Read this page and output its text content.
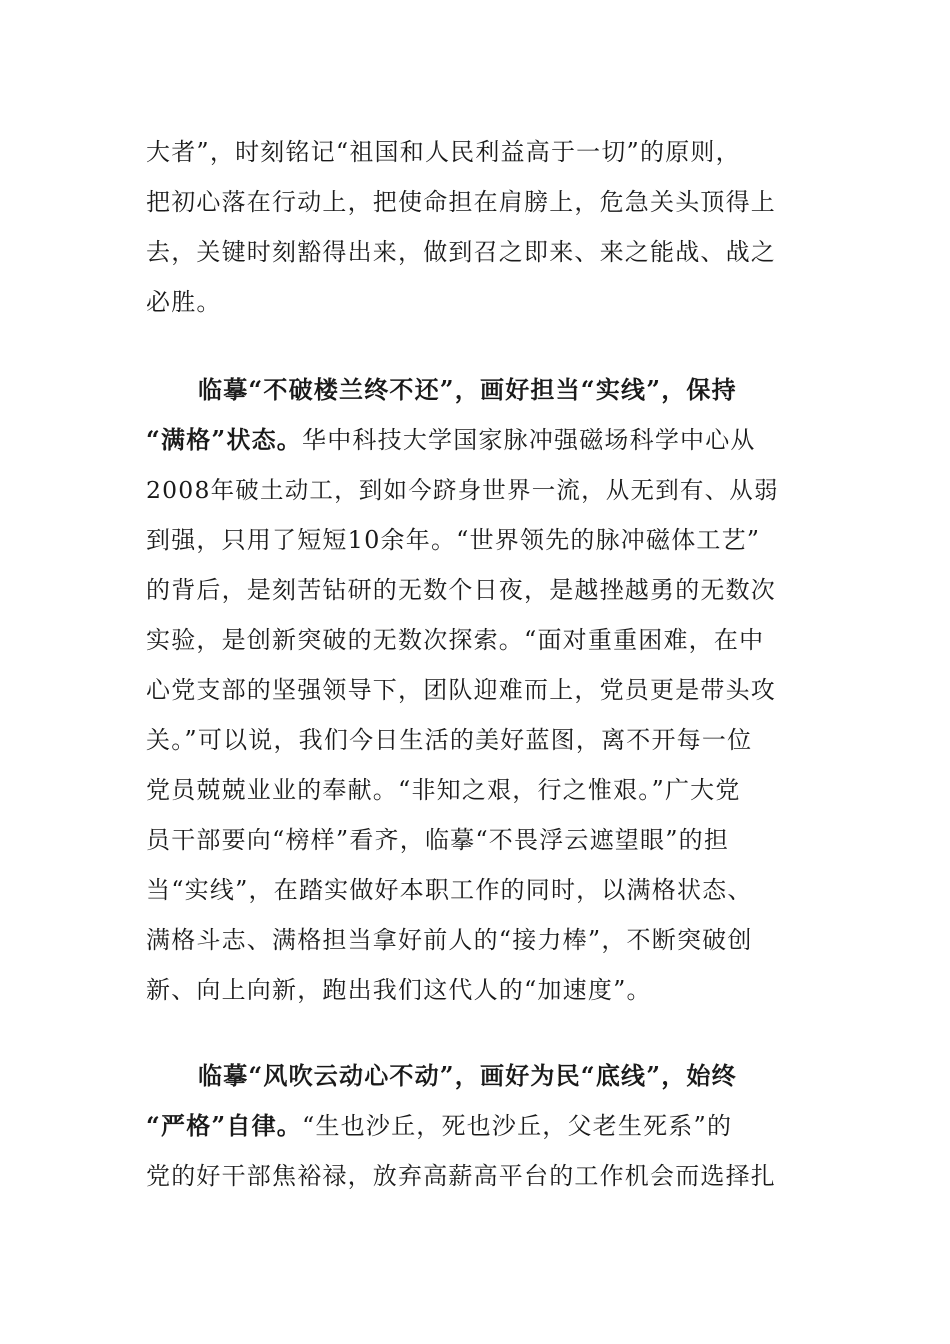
大者”，时刻铭记“祖国和人民利益高于一切”的原则，
把初心落在行动上，把使命担在肩膀上，危急关头顶得上
去，关键时刻豁得出来，做到召之即来、来之能战、战之
必胜。
临摹“不破楼兰终不还”，画好担当“实线”，保持
“满格”状态。华中科技大学国家脉冲强磁场科学中心从
2008年破土动工，到如今跻身世界一流，从无到有、从弱
到强，只用了短短10余年。“世界领先的脉冲磁体工艺”
的背后，是刻苦钻研的无数个日夜，是越挫越勇的无数次
实验，是创新突破的无数次探索。“面对重重困难，在中
心党支部的坚强领导下，团队迎难而上，党员更是带头攻
关。”可以说，我们今日生活的美好蓝图，离不开每一位
党员兢兢业业的奉献。“非知之艰，行之惟艰。”广大党
员干部要向“榜样”看齐，临摹“不畏浮云遮望眼”的担
当“实线”，在踏实做好本职工作的同时，以满格状态、
满格斗志、满格担当拿好前人的“接力棒”，不断突破创
新、向上向新，跑出我们这代人的“加速度”。
临摹“风吹云动心不动”，画好为民“底线”，始终
“严格”自律。“生也沙丘，死也沙丘，父老生死系”的
党的好干部焦裕禄，放弃高薪高平台的工作机会而选择扎
